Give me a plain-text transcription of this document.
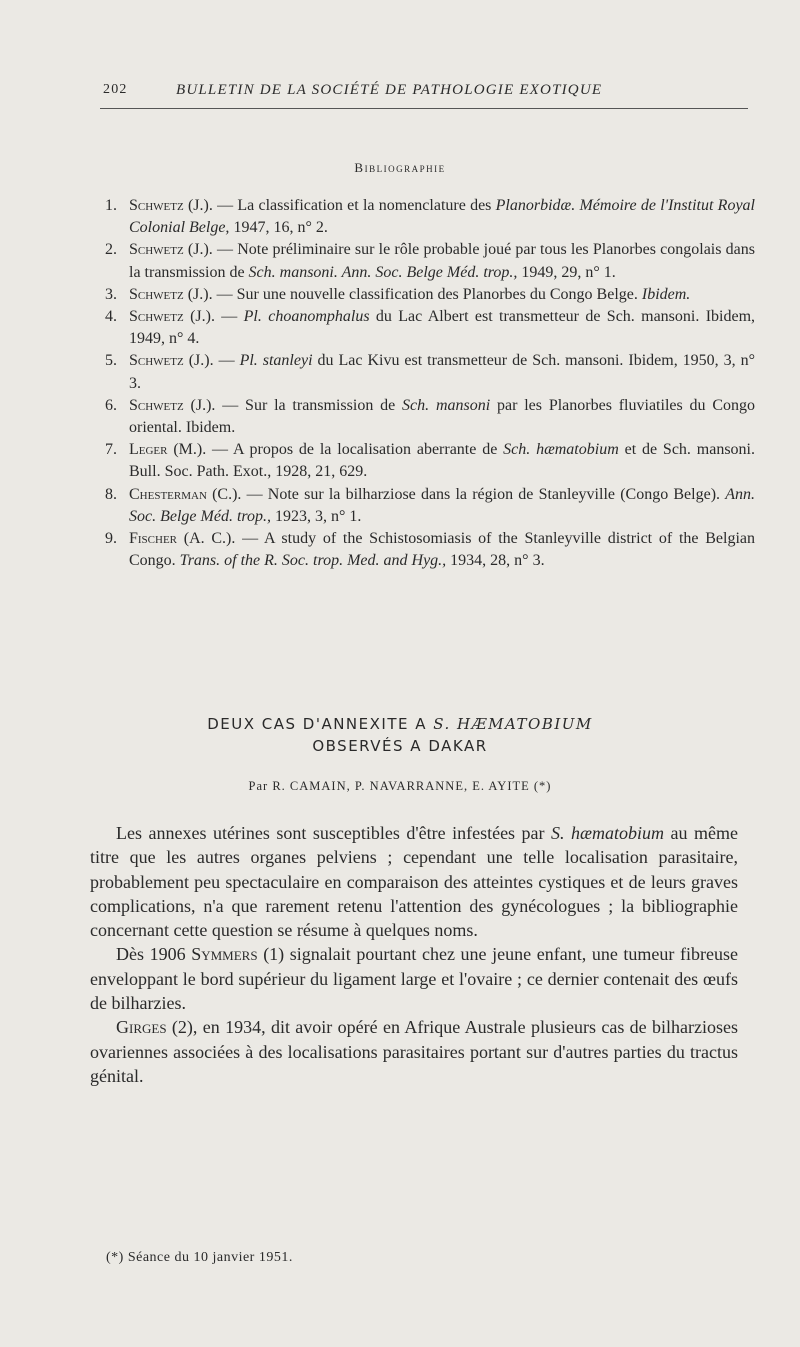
202	BULLETIN DE LA SOCIÉTÉ DE PATHOLOGIE EXOTIQUE
Bibliographie
1. Schwetz (J.). — La classification et la nomenclature des Planorbidæ. Mémoire de l'Institut Royal Colonial Belge, 1947, 16, n° 2.
2. Schwetz (J.). — Note préliminaire sur le rôle probable joué par tous les Planorbes congolais dans la transmission de Sch. mansoni. Ann. Soc. Belge Méd. trop., 1949, 29, n° 1.
3. Schwetz (J.). — Sur une nouvelle classification des Planorbes du Congo Belge. Ibidem.
4. Schwetz (J.). — Pl. choanomphalus du Lac Albert est transmetteur de Sch. mansoni. Ibidem, 1949, n° 4.
5. Schwetz (J.). — Pl. stanleyi du Lac Kivu est transmetteur de Sch. mansoni. Ibidem, 1950, 3, n° 3.
6. Schwetz (J.). — Sur la transmission de Sch. mansoni par les Planorbes fluviatiles du Congo oriental. Ibidem.
7. Leger (M.). — A propos de la localisation aberrante de Sch. hæmatobium et de Sch. mansoni. Bull. Soc. Path. Exot., 1928, 21, 629.
8. Chesterman (C.). — Note sur la bilharziose dans la région de Stanleyville (Congo Belge). Ann. Soc. Belge Méd. trop., 1923, 3, n° 1.
9. Fischer (A. C.). — A study of the Schistosomiasis of the Stanleyville district of the Belgian Congo. Trans. of the R. Soc. trop. Med. and Hyg., 1934, 28, n° 3.
DEUX CAS D'ANNEXITE A S. HÆMATOBIUM
OBSERVÉS A DAKAR
Par R. CAMAIN, P. NAVARRANNE, E. AYITE (*)

Les annexes utérines sont susceptibles d'être infestées par S. hæmatobium au même titre que les autres organes pelviens ; cependant une telle localisation parasitaire, probablement peu spectaculaire en comparaison des atteintes cystiques et de leurs graves complications, n'a que rarement retenu l'attention des gynécologues ; la bibliographie concernant cette question se résume à quelques noms.

Dès 1906 Symmers (1) signalait pourtant chez une jeune enfant, une tumeur fibreuse enveloppant le bord supérieur du ligament large et l'ovaire ; ce dernier contenait des œufs de bilharzies.

Girges (2), en 1934, dit avoir opéré en Afrique Australe plusieurs cas de bilharzioses ovariennes associées à des localisations parasitaires portant sur d'autres parties du tractus génital.

(*) Séance du 10 janvier 1951.
